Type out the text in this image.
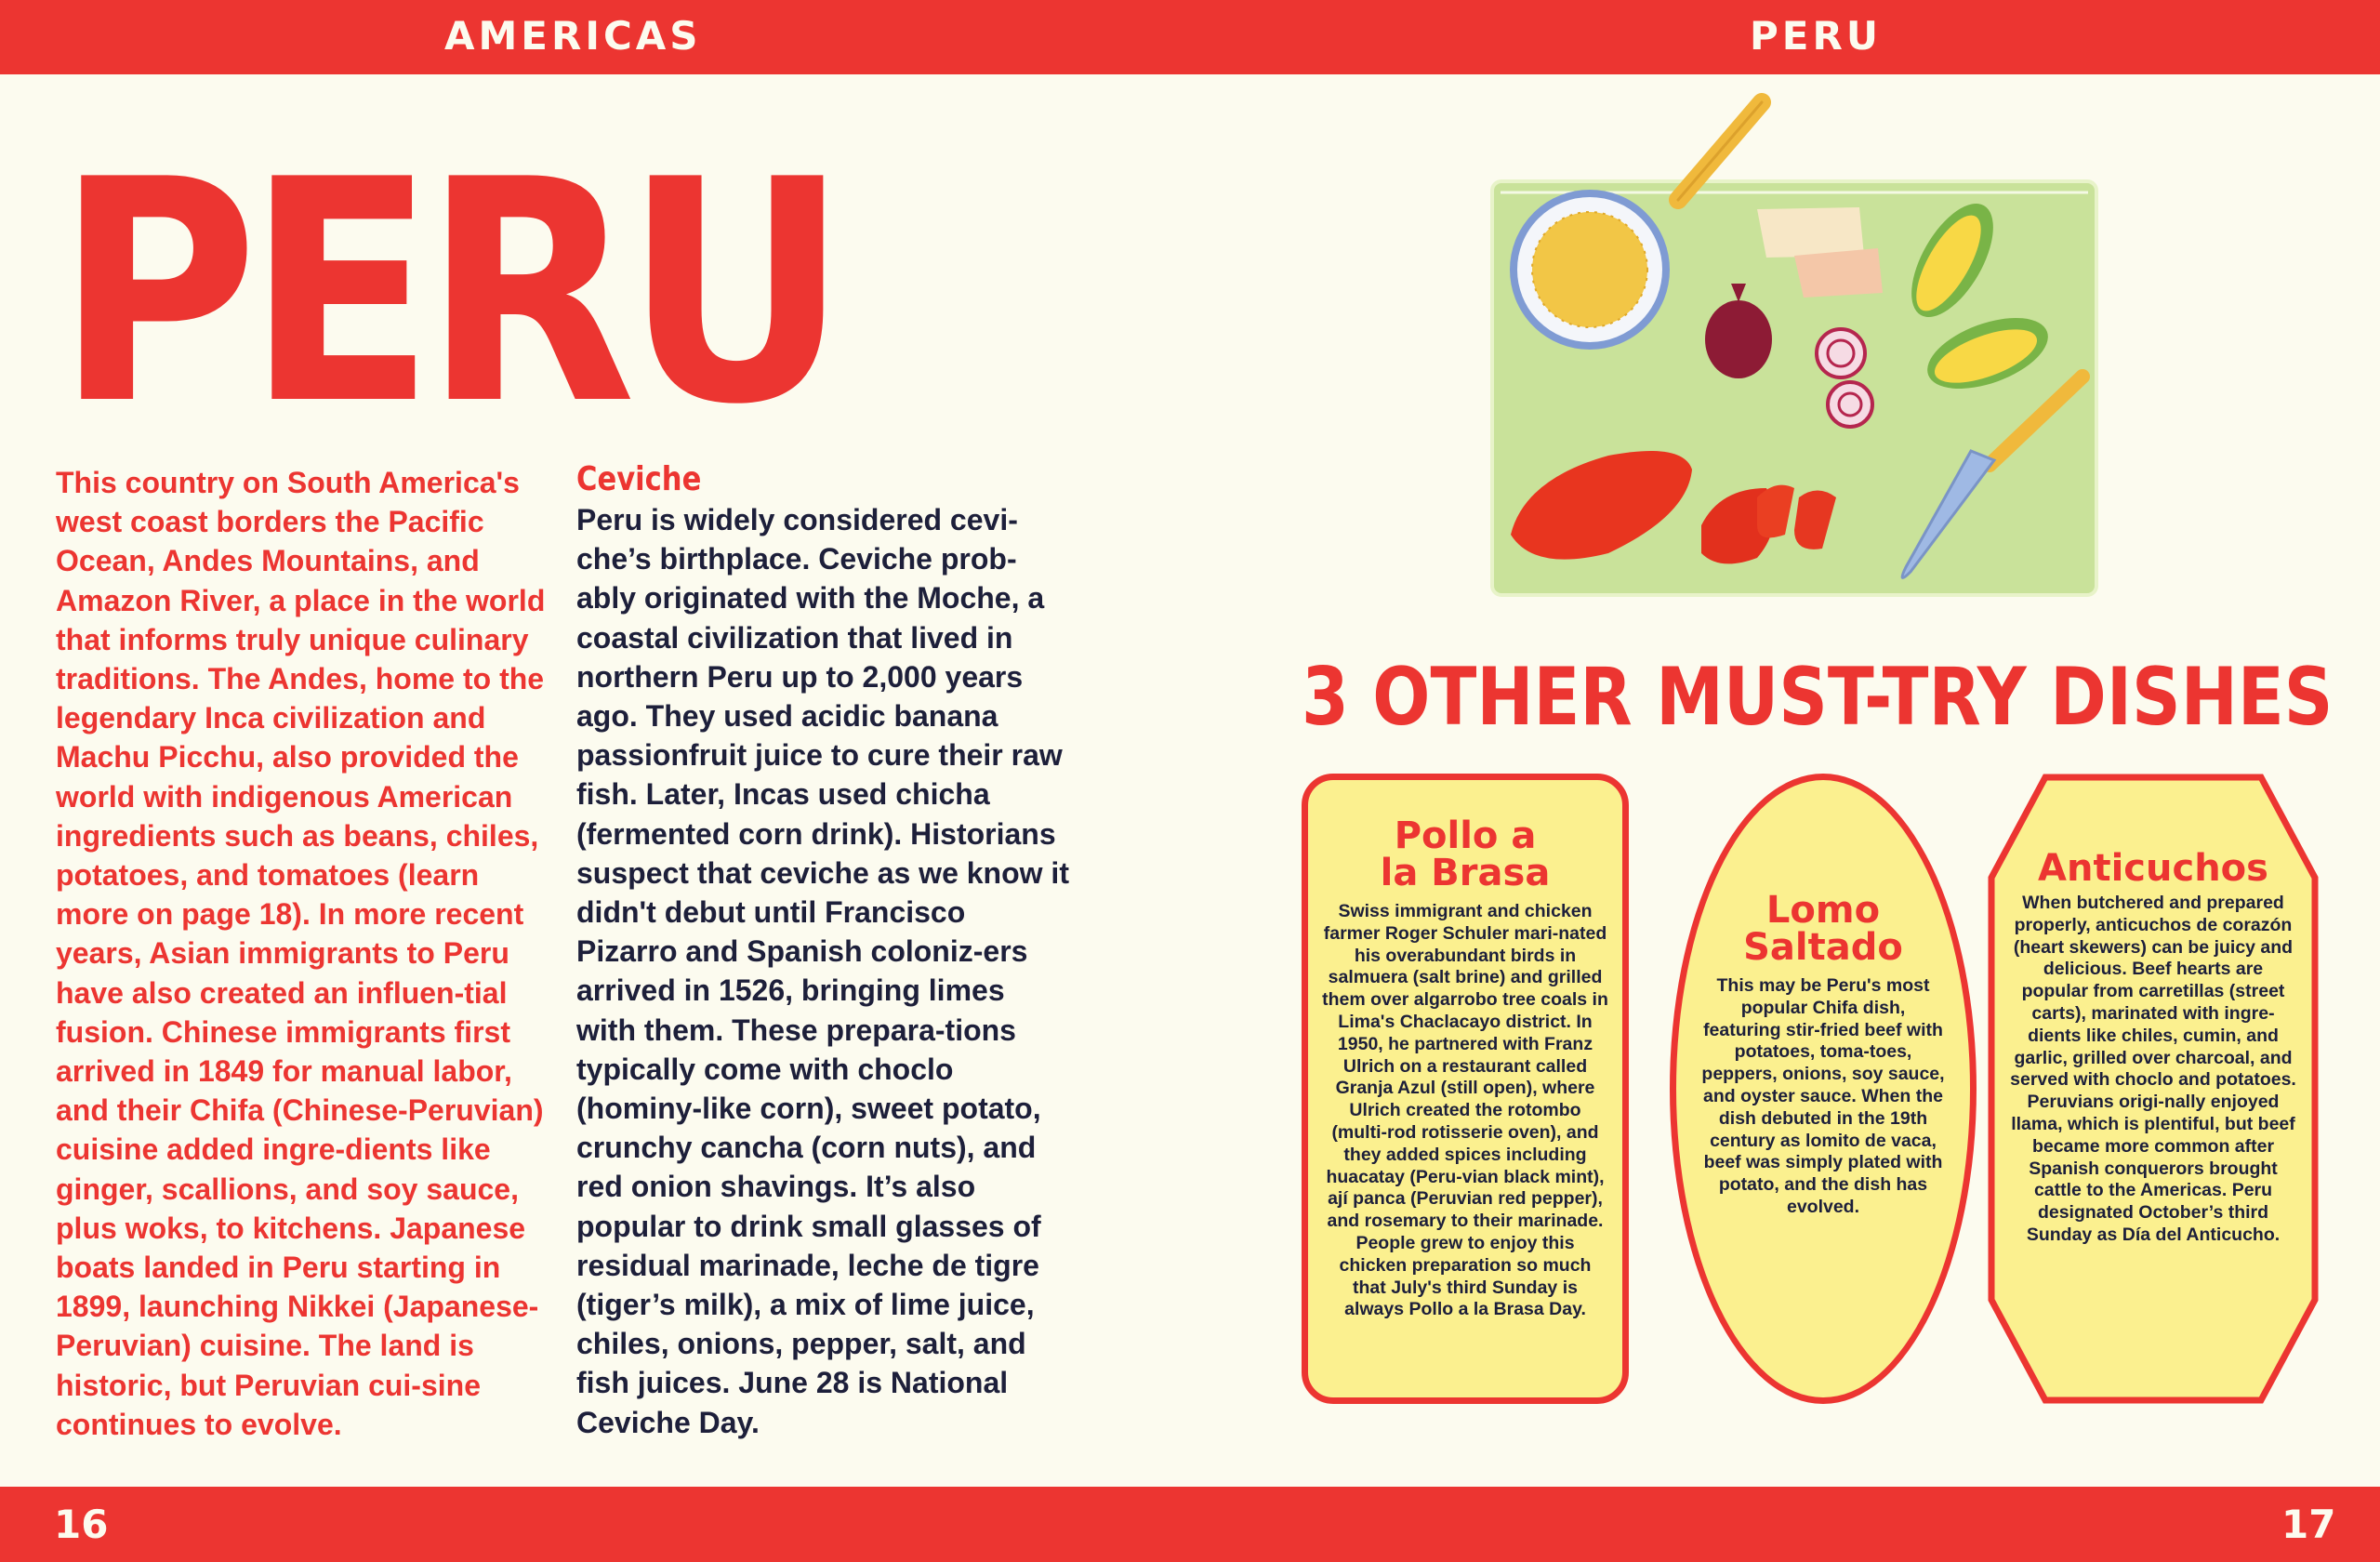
AMERICAS	PERU
PERU

This country on South America's west coast borders the Pacific Ocean, Andes Mountains, and Amazon River, a place in the world that informs truly unique culinary traditions. The Andes, home to the legendary Inca civilization and Machu Picchu, also provided the world with indigenous American ingredients such as beans, chiles, potatoes, and tomatoes (learn more on page 18). In more recent years, Asian immigrants to Peru have also created an influen-tial fusion. Chinese immigrants first arrived in 1849 for manual labor, and their Chifa (Chinese-Peruvian) cuisine added ingre-dients like ginger, scallions, and soy sauce, plus woks, to kitchens. Japanese boats landed in Peru starting in 1899, launching Nikkei (Japanese-Peruvian) cuisine. The land is historic, but Peruvian cui-sine continues to evolve.

Ceviche

Peru is widely considered cevi-che’s birthplace. Ceviche prob-ably originated with the Moche, a coastal civilization that lived in northern Peru up to 2,000 years ago. They used acidic banana passionfruit juice to cure their raw fish. Later, Incas used chicha (fermented corn drink). Historians suspect that ceviche as we know it didn't debut until Francisco Pizarro and Spanish coloniz-ers arrived in 1526, bringing limes with them. These prepara-tions typically come with choclo (hominy-like corn), sweet potato, crunchy cancha (corn nuts), and red onion shavings. It’s also popular to drink small glasses of residual marinade, leche de tigre (tiger’s milk), a mix of lime juice, chiles, onions, pepper, salt, and fish juices. June 28 is National Ceviche Day.

3 OTHER MUST-TRY DISHES

Pollo a
la Brasa

Swiss immigrant and chicken farmer Roger Schuler mari-nated his overabundant birds in salmuera (salt brine) and grilled them over algarrobo tree coals in Lima's Chaclacayo district. In 1950, he partnered with Franz Ulrich on a restaurant called Granja Azul (still open), where Ulrich created the rotombo (multi-rod rotisserie oven), and they added spices including huacatay (Peru-vian black mint), ají panca (Peruvian red pepper), and rosemary to their marinade. People grew to enjoy this chicken preparation so much that July's third Sunday is always Pollo a la Brasa Day.

Lomo
Saltado

This may be Peru's most popular Chifa dish, featuring stir-fried beef with potatoes, toma-toes, peppers, onions, soy sauce, and oyster sauce. When the dish debuted in the 19th century as lomito de vaca, beef was simply plated with potato, and the dish has evolved.

Anticuchos

When butchered and prepared properly, anticuchos de corazón (heart skewers) can be juicy and delicious. Beef hearts are popular from carretillas (street carts), marinated with ingre-dients like chiles, cumin, and garlic, grilled over charcoal, and served with choclo and potatoes. Peruvians origi-nally enjoyed llama, which is plentiful, but beef became more common after Spanish conquerors brought cattle to the Americas. Peru designated October’s third Sunday as Día del Anticucho.

16	17
